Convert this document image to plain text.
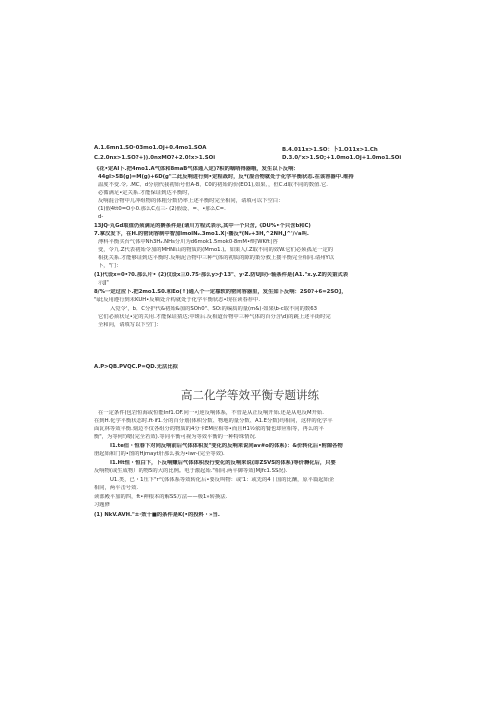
A.1.6mn1.SO·03mo1.Oj+0.4mo1.SOA	B.4.011x>1.SO：卜1.O11x>1.Ch
C.2.0nx>1.SO?+)).0nxMO?+2.0!x>1.SOi	D.3.0/'x>1.SO;+1.0mo1.Oj+1.0mo1.SOi
《花•定AI卜.把4mo1.A气体和8maB气体通入定)?积的咽哨得器哦，发生以卜反响：
44gl>5B(g)=M(g)+6D(g"二此反响进行到•定程战时，反*(混合物就处于化学平衡状态.在该容器中.维持
温度不变.令, .MC、d分别代我初始号但A-B、C0的初始的价(EO1),如果、，但C.d取不同的数值.它.
必循满足•定关系.才能保证到达平衡时，
反响混合物中儿冲组物的体粗分数仍率上述平衡时完全相同，请填可以下空白：
(1)假4tt0=O小0.那么C点三- (2)假设、=、•那么C=.
d-
13JQ·丸Gd取值仍须满足的擀条件是(请川方程式表示,其中一个只含,《DU%•个只含b和C)
7.掌汉发下，在H.的密闭容制中智加lmolN₂.3mo1.X|·播反*(N₂+3H,^2NH,J^'/√a叫.
溥科平衡买台气体中Nh3H₂.NHs分川为d6mok1.5mok0·8mM•f时WKft∣咨
变，令九.Z代表初始令加的MHNI山的物质的(Mmo1.)。如果人/.Z取不同的效W.它们必须孤足一定的
相抚关系.才能够证到达平衡时.反响泥合物中三种气体的初质的隙的策分救上搂平衡完全相同.请州Y以
卜，"门：
(1)代设x=0•?0.那么片• (2)仅设x三0.75·那么y>ƒ·13"、y·Z.防UJl办·轴条件是(A1."x.y.Z的关第式表
示JJ"
8/%一定过应卜.把2mo1.S0.和Eo(↑)通入个一定靠软的密同容器里，发生如卜反响：2S0?+6=2SO】，
"i此反用遵行到未KUH•反嘀处介构就处于化学平衡状态•现在读春荐中.
入觉令'，b．C分护代&初始&加的SOh0"、SO:的编质的量(m&)·如果\b-c取不同的数63
它们必须状足•定的关用.才能保证猜达;中斑后.反相道台物中三种气体的百分含\d)的跳上述平街时完
全和向，请填写以下空门：
A.P>QB.PVQC.P=QD.无法比拟
高二化学等效平衡专题讲练
在一定条件(包岩恒海或恒能Inf1.OF.问一可逆反响体系，不管是从正反响开始.还是从电反M开始.
在到H.化学平衡状态时.ft·if1.分的百分划(体积分数、物地的量分数、A1.E分数)均相同，这样的化学平
面瓦林等效平衡.刻边不仅各组分的物质的4分卡EM应相等•而且H1½依的餐也却应相等，再么的平
衡"，为等何!)嗯(完全若效).等同平衡可视为等效平衡的一种特珠情况.
I1.te但・恒春下对同反响前后气体体积发"变化的反响来说同av#o的体系)：&价转化后•附隙各物
册起始和门的•图的Hjmayt肝那么我为•iwr-(完全等效).
I1.Ht恒・恒白下，卜反响赚后气体体积没行变化的反响来说(即ZSVS的体系)等价耨化后，只要
反响物(或生成物）的物5的大的比例。电于激起始."相同.两平御等效(MJfc1.SS况).
U1.类，已・1压下"r气体体系等效转化后•要反叫物：或'1：或先的4丨国的比酬，原平篇起始企
相同，两平击号效.
读部殿平加的四，ft•神根本的解SS方法——极1»转换法.
习题修
(1) NkV.AVH."±·效十■的条件是K(•的投料・»当.
